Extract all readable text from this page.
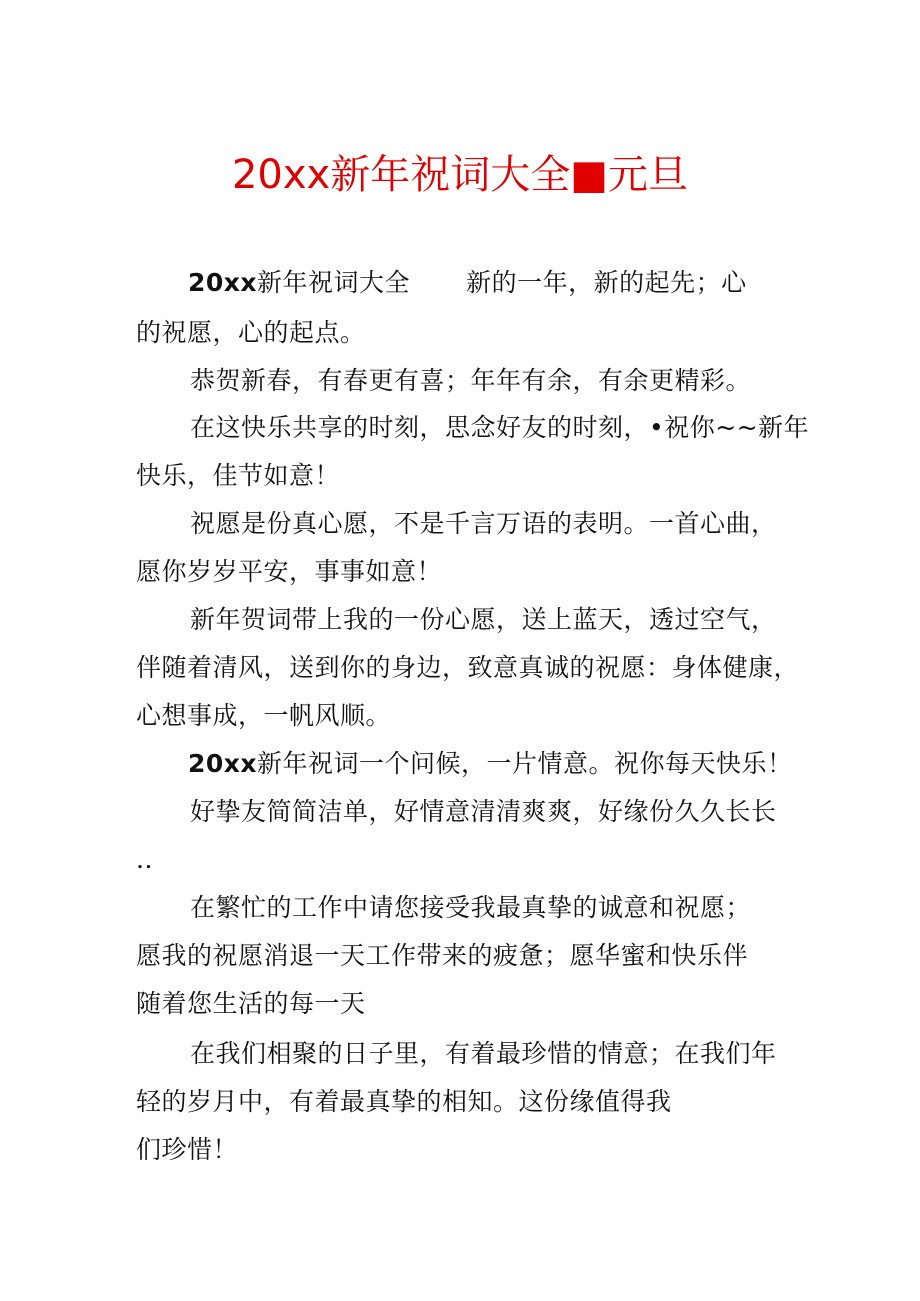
20xx新年祝词大全■元旦
20xx新年祝词大全 新的一年，新的起先；心
的祝愿，心的起点。
恭贺新春，有春更有喜；年年有余，有余更精彩。
在这快乐共享的时刻，思念好友的时刻，•祝你~~新年
快乐，佳节如意！
祝愿是份真心愿，不是千言万语的表明。一首心曲，
愿你岁岁平安，事事如意！
新年贺词带上我的一份心愿，送上蓝天，透过空气，
伴随着清风，送到你的身边，致意真诚的祝愿：身体健康，
心想事成，一帆风顺。
20xx新年祝词一个问候，一片情意。祝你每天快乐！
好挚友简简洁单，好情意清清爽爽，好缘份久久长长
..
在繁忙的工作中请您接受我最真挚的诚意和祝愿；
愿我的祝愿消退一天工作带来的疲惫；愿华蜜和快乐伴
随着您生活的每一天
在我们相聚的日子里，有着最珍惜的情意；在我们年
轻的岁月中，有着最真挚的相知。这份缘值得我
们珍惜！
